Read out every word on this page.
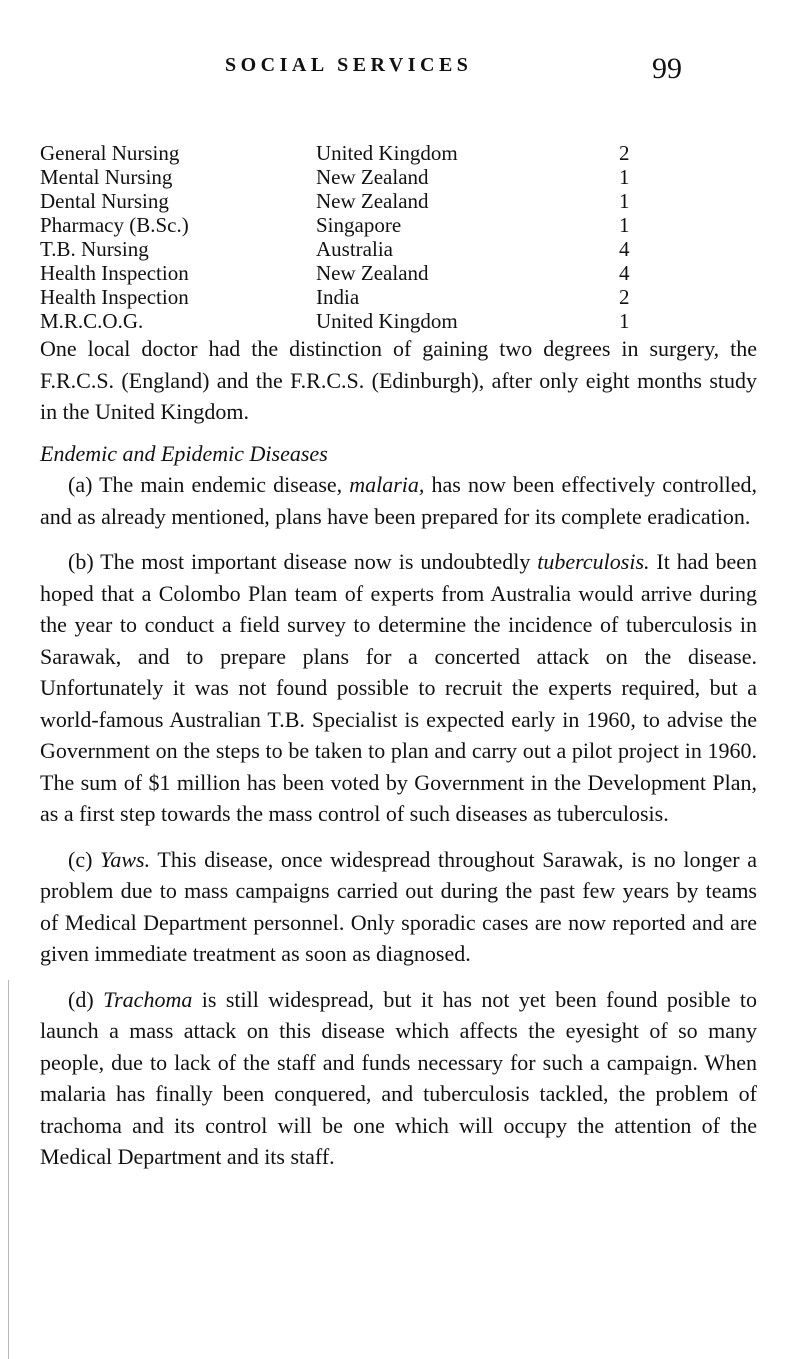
SOCIAL SERVICES	99
General Nursing	United Kingdom	2
Mental Nursing	New Zealand	1
Dental Nursing	New Zealand	1
Pharmacy (B.Sc.)	Singapore	1
T.B. Nursing	Australia	4
Health Inspection	New Zealand	4
Health Inspection	India	2
M.R.C.O.G.	United Kingdom	1

One local doctor had the distinction of gaining two degrees in surgery, the F.R.C.S. (England) and the F.R.C.S. (Edinburgh), after only eight months study in the United Kingdom.

Endemic and Epidemic Diseases

(a) The main endemic disease, malaria, has now been effectively controlled, and as already mentioned, plans have been prepared for its complete eradication.

(b) The most important disease now is undoubtedly tuberculosis. It had been hoped that a Colombo Plan team of experts from Australia would arrive during the year to conduct a field survey to determine the incidence of tuberculosis in Sarawak, and to prepare plans for a concerted attack on the disease. Unfortunately it was not found possible to recruit the experts required, but a world-famous Australian T.B. Specialist is expected early in 1960, to advise the Government on the steps to be taken to plan and carry out a pilot project in 1960. The sum of $1 million has been voted by Government in the Development Plan, as a first step towards the mass control of such diseases as tuberculosis.

(c) Yaws. This disease, once widespread throughout Sarawak, is no longer a problem due to mass campaigns carried out during the past few years by teams of Medical Department personnel. Only sporadic cases are now reported and are given immediate treatment as soon as diagnosed.

(d) Trachoma is still widespread, but it has not yet been found posible to launch a mass attack on this disease which affects the eyesight of so many people, due to lack of the staff and funds necessary for such a campaign. When malaria has finally been conquered, and tuberculosis tackled, the problem of trachoma and its control will be one which will occupy the attention of the Medical Department and its staff.
